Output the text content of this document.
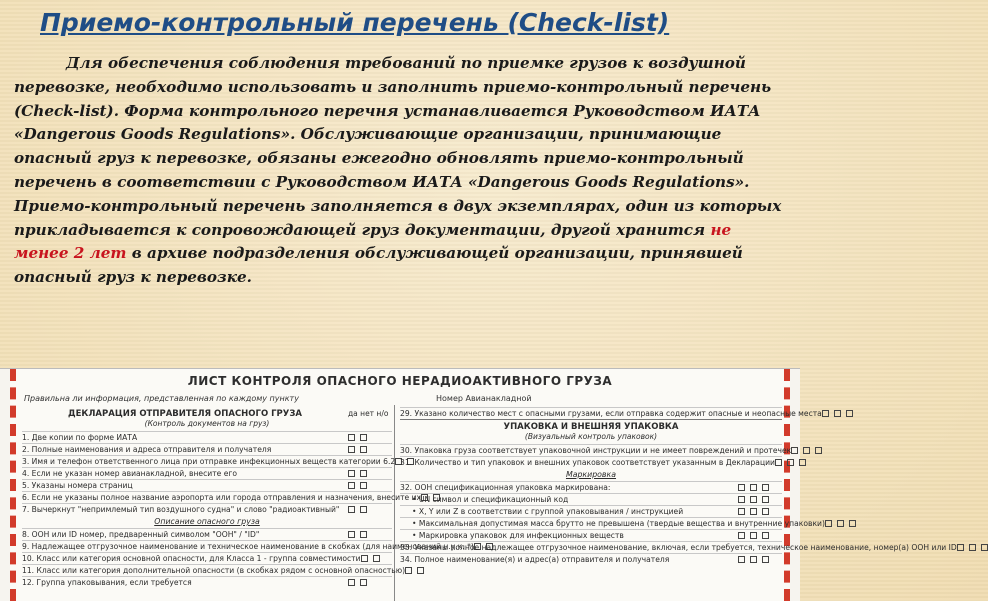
Приемо-контрольный перечень (Check-list)

Для обеспечения соблюдения требований по приемке грузов к воздушной перевозке, необходимо использовать и заполнить приемо-контрольный перечень (Check-list). Форма контрольного перечня устанавливается Руководством ИАТА «Dangerous Goods Regulations». Обслуживающие организации, принимающие опасный груз к перевозке, обязаны ежегодно обновлять приемо-контрольный перечень в соответствии с Руководством ИАТА «Dangerous Goods Regulations». Приемо-контрольный перечень заполняется в двух экземплярах, один из которых прикладывается к сопровождающей груз документации, другой хранится не менее 2 лет в архиве подразделения обслуживающей организации, принявшей опасный груз к перевозке.

ЛИСТ КОНТРОЛЯ ОПАСНОГО НЕРАДИОАКТИВНОГО ГРУЗА
Правильна ли информация, представленная по каждому пункту	Номер Авианакладной
ДЕКЛАРАЦИЯ ОТПРАВИТЕЛЯ ОПАСНОГО ГРУЗА	да нет н/о
(Контроль документов на груз)
1. Две копии по форме ИАТА
2. Полные наименования и адреса отправителя и получателя
3. Имя и телефон ответственного лица при отправке инфекционных веществ категории 6.2
4. Если не указан номер авианакладной, внесите его
5. Указаны номера страниц
6. Если не указаны полное название аэропорта или города отправления и назначения, внесите их
7. Вычеркнут "непримлемый тип воздушного судна" и слово "радиоактивный"
Описание опасного груза
8. ООН или ID номер, предваренный символом "ООН" / "ID"
9. Надлежащее отгрузочное наименование и техническое наименование в скобках (для наименований н.у.к. *)
10. Класс или категория основной опасности, для Класса 1 - группа совместимости
11. Класс или категория дополнительной опасности (в скобках рядом с основной опасностью)
12. Группа упаковывания, если требуется
29. Указано количество мест с опасными грузами, если отправка содержит опасные и неопасные места
УПАКОВКА И ВНЕШНЯЯ УПАКОВКА
(Визуальный контроль упаковок)
30. Упаковка груза соответствует упаковочной инструкции и не имеет повреждений и протечек
31. Количество и тип упаковок и внешних упаковок соответствует указанным в Декларации
Маркировка
32. ООН спецификационная упаковка маркирована:
• UN символ и спецификационный код
• X, Y или Z в соответствии с группой упаковывания / инструкцией
• Максимальная допустимая масса брутто не превышена (твердые вещества и внутренние упаковки)
• Маркировка упаковок для инфекционных веществ
33. Указаны полное надлежащее отгрузочное наименование, включая, если требуется, техническое наименование, номер(а) ООН или ID
34. Полное наименование(я) и адрес(а) отправителя и получателя
